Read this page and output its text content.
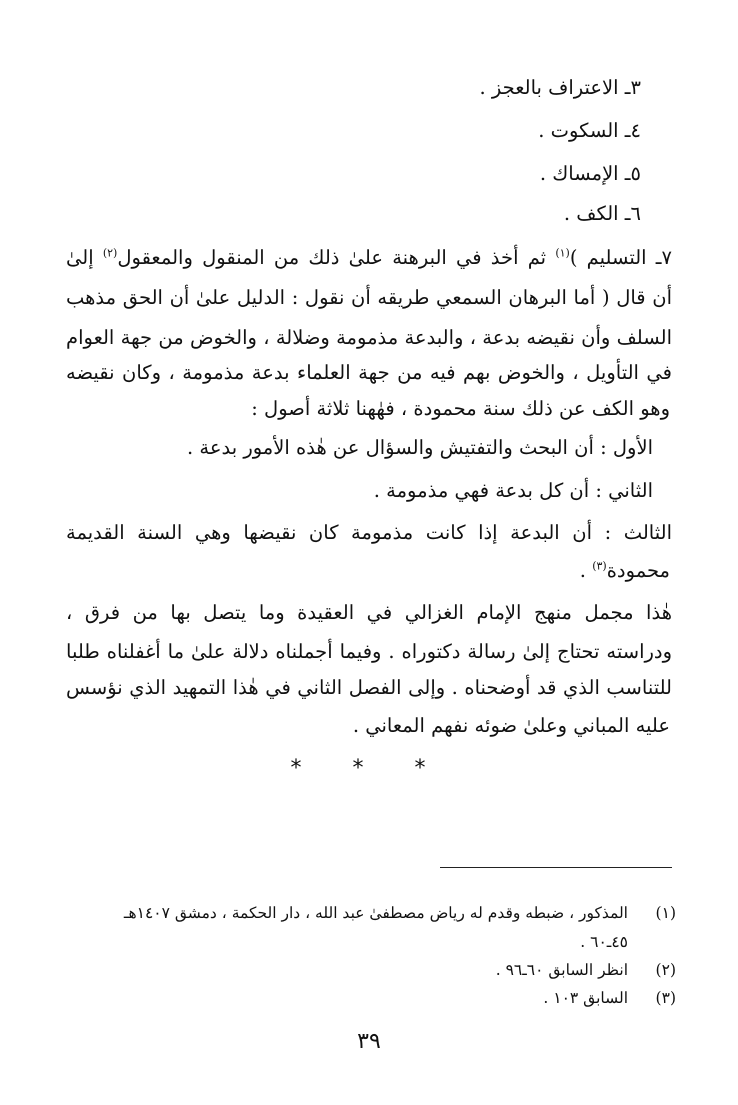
٣ـ الاعتراف بالعجز .
٤ـ السكوت .
٥ـ الإمساك .
٦ـ الكف .
٧ـ التسليم )$^{(١)}$ ثم أخذ في البرهنة علىٰ ذلك من المنقول والمعقول$^{(٢)}$ إلىٰ
أن قال ( أما البرهان السمعي طريقه أن نقول : الدليل علىٰ أن الحق مذهب
السلف وأن نقيضه بدعة ، والبدعة مذمومة وضلالة ، والخوض من جهة العوام
في التأويل ، والخوض بهم فيه من جهة العلماء بدعة مذمومة ، وكان نقيضه
وهو الكف عن ذلك سنة محمودة ، فهٰهنا ثلاثة أصول :
الأول : أن البحث والتفتيش والسؤال عن هٰذه الأمور بدعة .
الثاني : أن كل بدعة فهي مذمومة .
الثالث : أن البدعة إذا كانت مذمومة كان نقيضها وهي السنة القديمة
محمودة$^{(٣)}$ .
هٰذا مجمل منهج الإمام الغزالي في العقيدة وما يتصل بها من فرق ،
ودراسته تحتاج إلىٰ رسالة دكتوراه . وفيما أجملناه دلالة علىٰ ما أغفلناه طلبا
للتناسب الذي قد أوضحناه . وإلى الفصل الثاني في هٰذا التمهيد الذي نؤسس
عليه المباني وعلىٰ ضوئه نفهم المعاني .
* * *
(١)المذكور ، ضبطه وقدم له رياض مصطفىٰ عبد الله ، دار الحكمة ، دمشق ١٤٠٧هـ
٤٥ـ٦٠ .
(٢)انظر السابق ٦٠ـ٩٦ .
(٣)السابق ١٠٣ .
٣٩
